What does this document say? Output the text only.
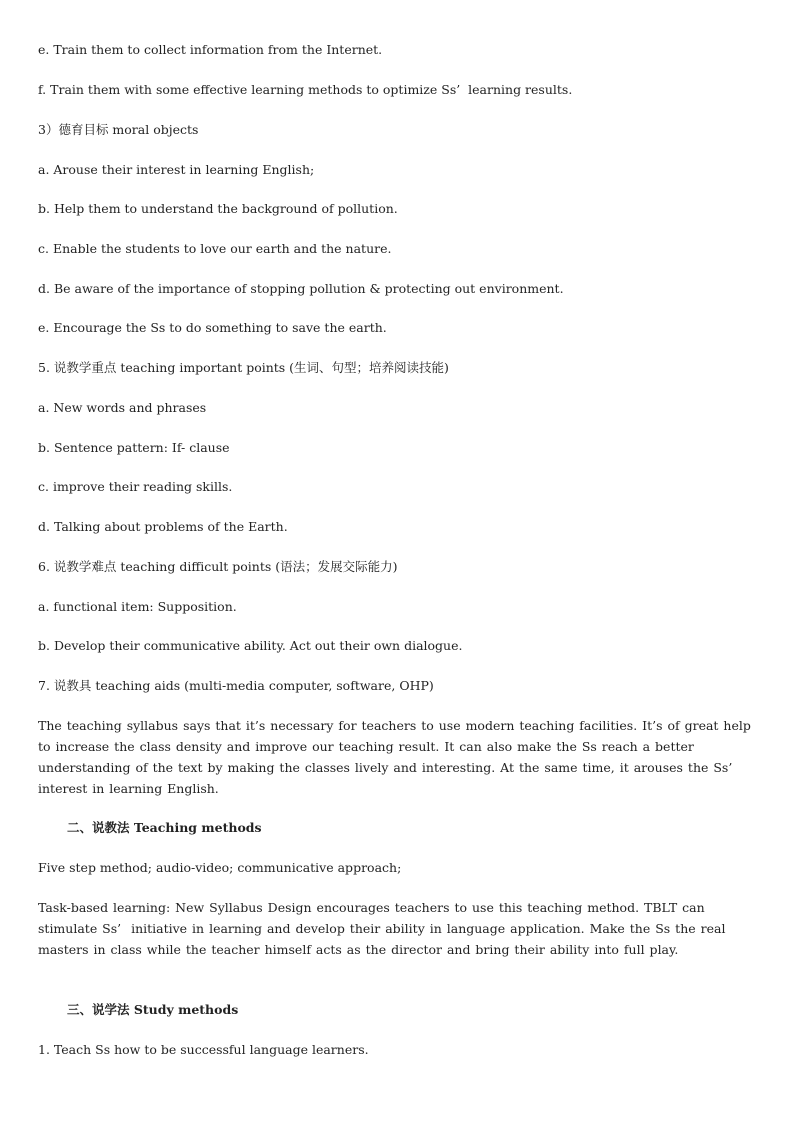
e. Train them to collect information from the Internet.

f. Train them with some effective learning methods to optimize Ss’  learning results.

3）德育目标 moral objects

a. Arouse their interest in learning English;

b. Help them to understand the background of pollution.

c. Enable the students to love our earth and the nature.

d. Be aware of the importance of stopping pollution & protecting out environment.

e. Encourage the Ss to do something to save the earth.

5. 说教学重点 teaching important points (生词、句型；培养阅读技能)

a. New words and phrases

b. Sentence pattern: If- clause

c. improve their reading skills.

d. Talking about problems of the Earth.

6. 说教学难点 teaching difficult points (语法；发展交际能力)

a. functional item: Supposition.

b. Develop their communicative ability. Act out their own dialogue.

7. 说教具 teaching aids (multi-media computer, software, OHP)

The teaching syllabus says that it’s necessary for teachers to use modern teaching facilities. It’s of great help to increase the class density and improve our teaching result. It can also make the Ss reach a better understanding of the text by making the classes lively and interesting. At the same time, it arouses the Ss’  interest in learning English.

二、说教法 Teaching methods

Five step method; audio-video; communicative approach;

Task-based learning: New Syllabus Design encourages teachers to use this teaching method. TBLT can stimulate Ss’  initiative in learning and develop their ability in language application. Make the Ss the real masters in class while the teacher himself acts as the director and bring their ability into full play.

三、说学法 Study methods

1. Teach Ss how to be successful language learners.
